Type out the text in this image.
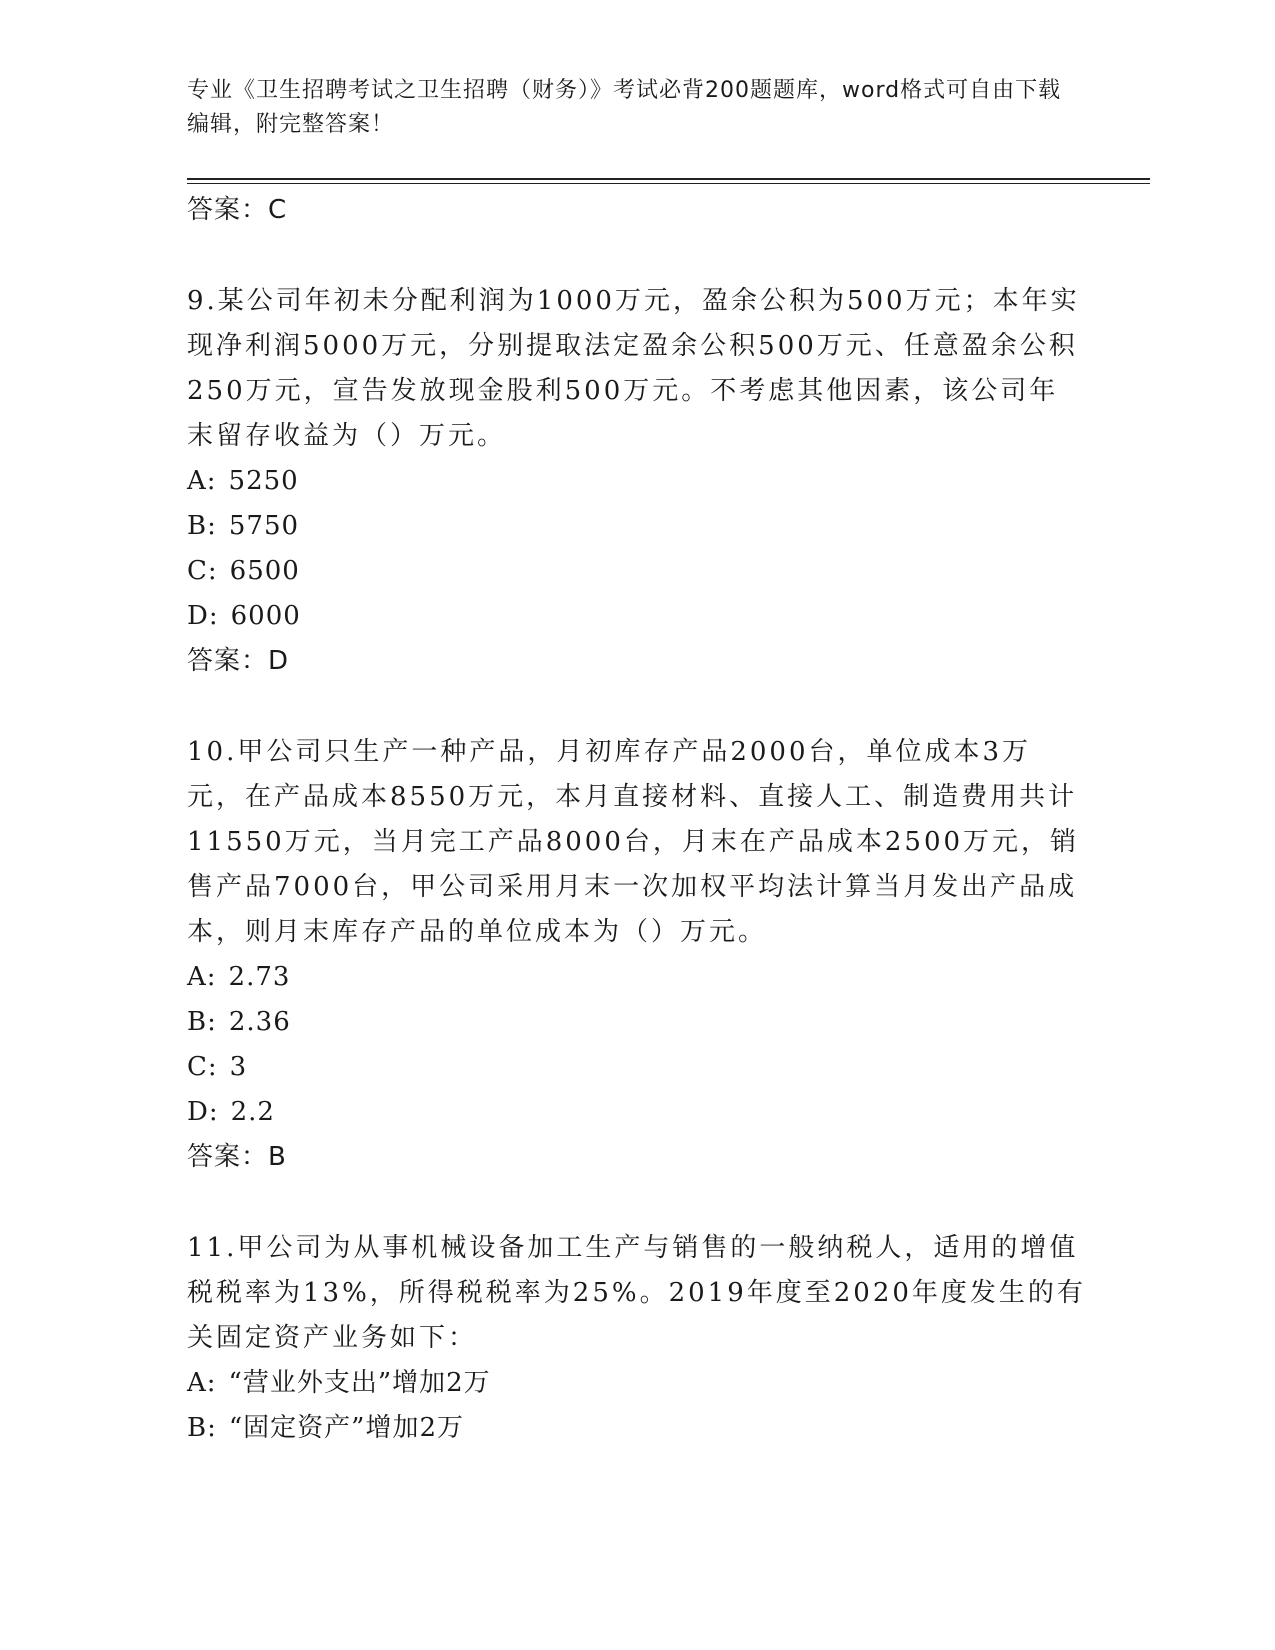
专业《卫生招聘考试之卫生招聘（财务）》考试必背200题题库，word格式可自由下载编辑，附完整答案！
答案：C
9.某公司年初未分配利润为1000万元，盈余公积为500万元；本年实现净利润5000万元，分别提取法定盈余公积500万元、任意盈余公积250万元，宣告发放现金股利500万元。不考虑其他因素，该公司年末留存收益为（）万元。
A: 5250
B: 5750
C: 6500
D: 6000
答案：D
10.甲公司只生产一种产品，月初库存产品2000台，单位成本3万元，在产品成本8550万元，本月直接材料、直接人工、制造费用共计11550万元，当月完工产品8000台，月末在产品成本2500万元，销售产品7000台，甲公司采用月末一次加权平均法计算当月发出产品成本，则月末库存产品的单位成本为（）万元。
A: 2.73
B: 2.36
C: 3
D: 2.2
答案：B
11.甲公司为从事机械设备加工生产与销售的一般纳税人，适用的增值税税率为13%，所得税税率为25%。2019年度至2020年度发生的有关固定资产业务如下：
A: “营业外支出”增加2万
B: “固定资产”增加2万
